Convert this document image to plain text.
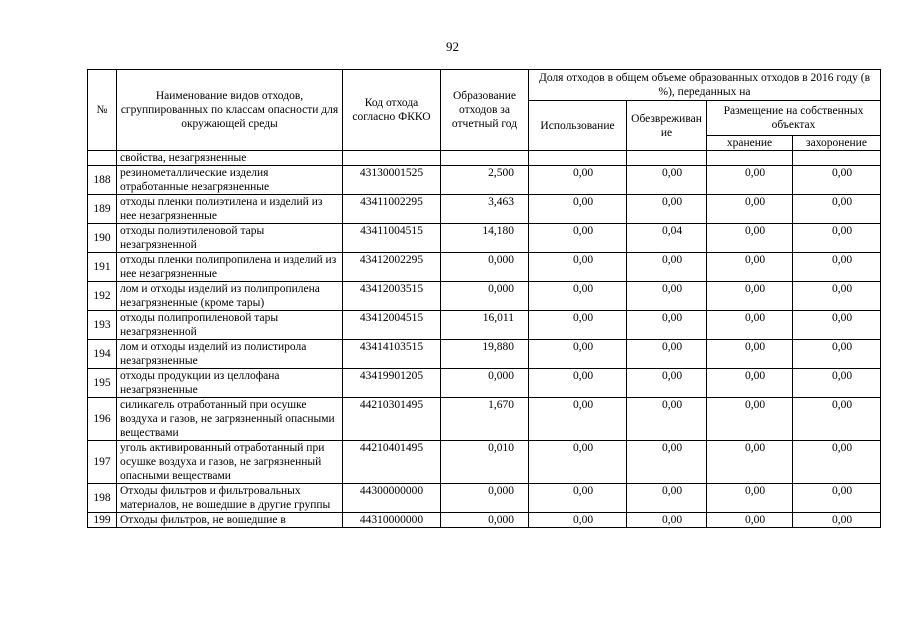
92
№	Наименование видов отходов, сгруппированных по классам опасности для окружающей среды	Код отхода согласно ФККО	Образование отходов за отчетный год	Доля отходов в общем объеме образованных отходов в 2016 году (в %), переданных на			
				Использование	Обезвреживание	Размещение на собственных объектах	
						хранение	захоронение
	свойства, незагрязненные						
188	резинометаллические изделия отработанные незагрязненные	43130001525	2,500	0,00	0,00	0,00	0,00
189	отходы пленки полиэтилена и изделий из нее незагрязненные	43411002295	3,463	0,00	0,00	0,00	0,00
190	отходы полиэтиленовой тары незагрязненной	43411004515	14,180	0,00	0,04	0,00	0,00
191	отходы пленки полипропилена и изделий из нее незагрязненные	43412002295	0,000	0,00	0,00	0,00	0,00
192	лом и отходы изделий из полипропилена незагрязненные (кроме тары)	43412003515	0,000	0,00	0,00	0,00	0,00
193	отходы полипропиленовой тары незагрязненной	43412004515	16,011	0,00	0,00	0,00	0,00
194	лом и отходы изделий из полистирола незагрязненные	43414103515	19,880	0,00	0,00	0,00	0,00
195	отходы продукции из целлофана незагрязненные	43419901205	0,000	0,00	0,00	0,00	0,00
196	силикагель отработанный при осушке воздуха и газов, не загрязненный опасными веществами	44210301495	1,670	0,00	0,00	0,00	0,00
197	уголь активированный отработанный при осушке воздуха и газов, не загрязненный опасными веществами	44210401495	0,010	0,00	0,00	0,00	0,00
198	Отходы фильтров и фильтровальных материалов, не вошедшие в другие группы	44300000000	0,000	0,00	0,00	0,00	0,00
199	Отходы фильтров, не вошедшие в	44310000000	0,000	0,00	0,00	0,00	0,00
